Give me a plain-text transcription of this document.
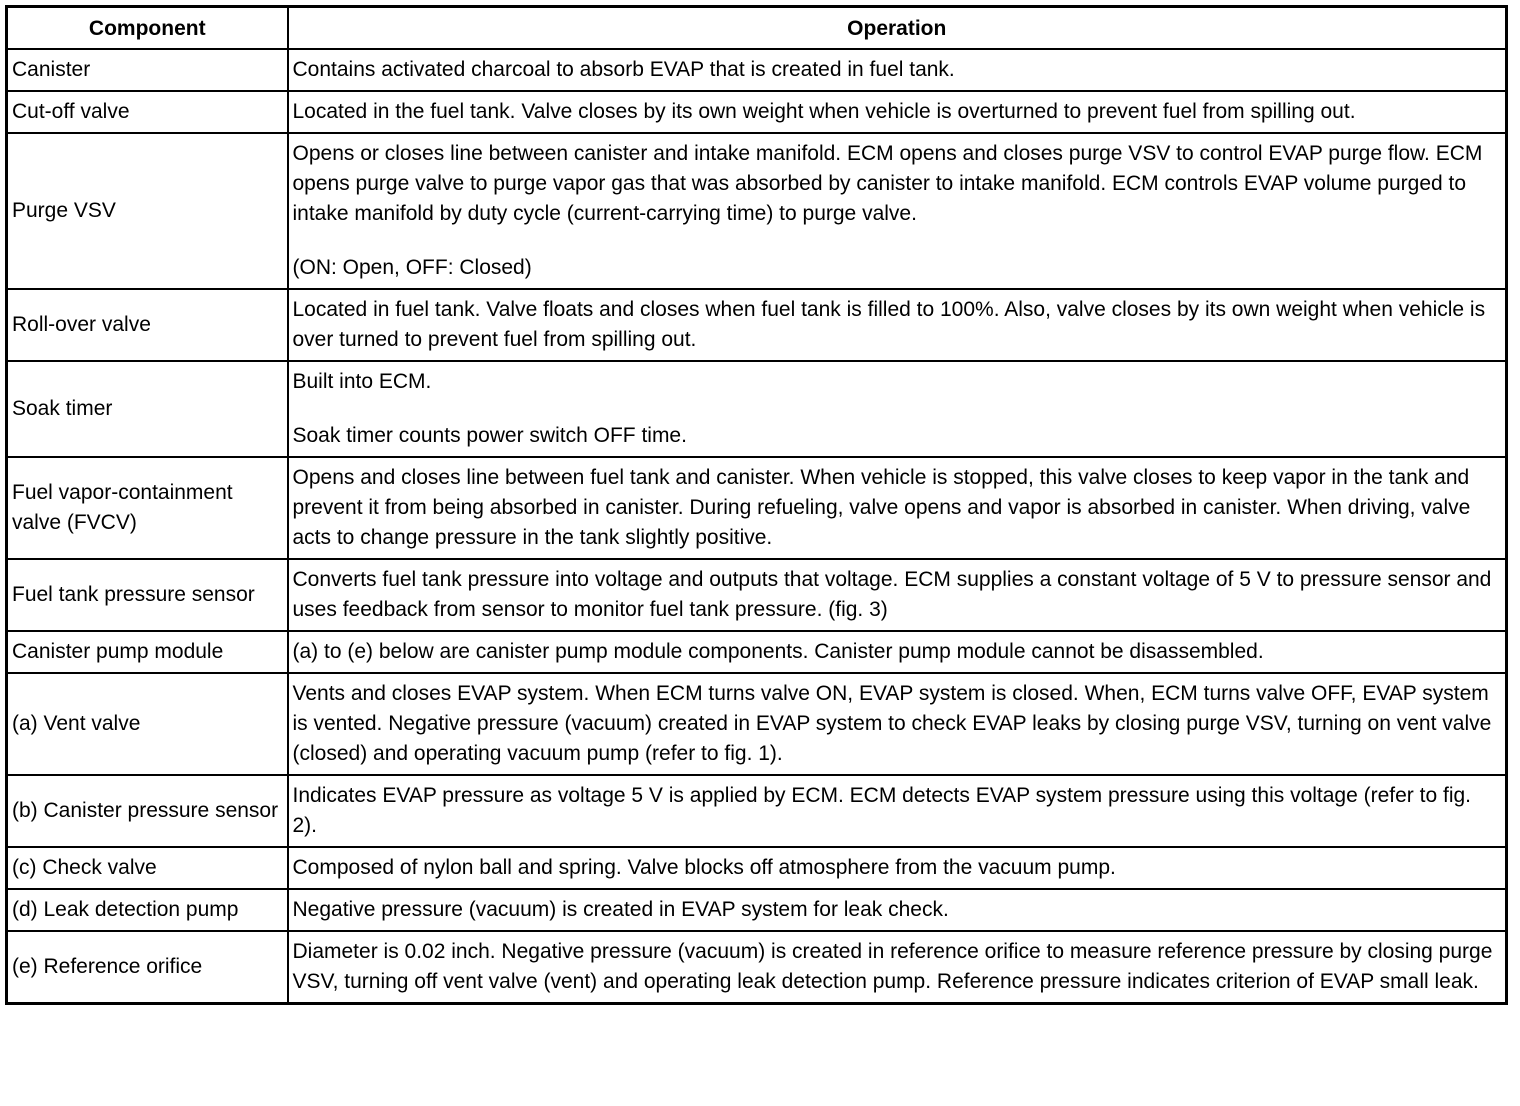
Component	Operation
Canister	Contains activated charcoal to absorb EVAP that is created in fuel tank.

Cut-off valve	Located in the fuel tank. Valve closes by its own weight when vehicle is overturned to prevent fuel from spilling out.

Purge VSV	Opens or closes line between canister and intake manifold. ECM opens and closes purge VSV to control EVAP purge flow. ECM opens purge valve to purge vapor gas that was absorbed by canister to intake manifold. ECM controls EVAP volume purged to intake manifold by duty cycle (current-carrying time) to purge valve.
(ON: Open, OFF: Closed)

Roll-over valve	Located in fuel tank. Valve floats and closes when fuel tank is filled to 100%. Also, valve closes by its own weight when vehicle is over turned to prevent fuel from spilling out.

Soak timer	Built into ECM.
Soak timer counts power switch OFF time.

Fuel vapor-containment valve (FVCV)	Opens and closes line between fuel tank and canister. When vehicle is stopped, this valve closes to keep vapor in the tank and prevent it from being absorbed in canister. During refueling, valve opens and vapor is absorbed in canister. When driving, valve acts to change pressure in the tank slightly positive.

Fuel tank pressure sensor	Converts fuel tank pressure into voltage and outputs that voltage. ECM supplies a constant voltage of 5 V to pressure sensor and uses feedback from sensor to monitor fuel tank pressure. (fig. 3)

Canister pump module	(a) to (e) below are canister pump module components. Canister pump module cannot be disassembled.

(a) Vent valve	Vents and closes EVAP system. When ECM turns valve ON, EVAP system is closed. When, ECM turns valve OFF, EVAP system is vented. Negative pressure (vacuum) created in EVAP system to check EVAP leaks by closing purge VSV, turning on vent valve (closed) and operating vacuum pump (refer to fig. 1).

(b) Canister pressure sensor	Indicates EVAP pressure as voltage 5 V is applied by ECM. ECM detects EVAP system pressure using this voltage (refer to fig. 2).

(c) Check valve	Composed of nylon ball and spring. Valve blocks off atmosphere from the vacuum pump.

(d) Leak detection pump	Negative pressure (vacuum) is created in EVAP system for leak check.

(e) Reference orifice	Diameter is 0.02 inch. Negative pressure (vacuum) is created in reference orifice to measure reference pressure by closing purge VSV, turning off vent valve (vent) and operating leak detection pump. Reference pressure indicates criterion of EVAP small leak.
